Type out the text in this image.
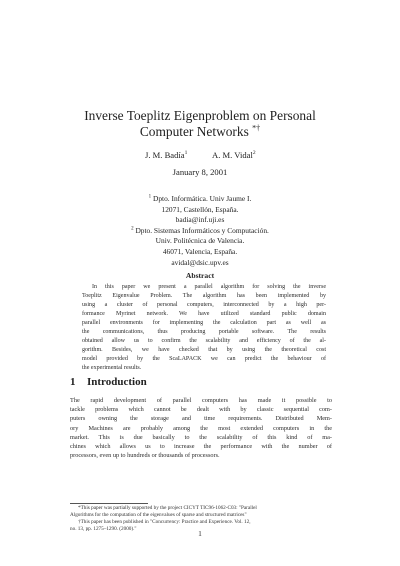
Inverse Toeplitz Eigenproblem on Personal
Computer Networks *†
J. M. Badía$^1$	A. M. Vidal$^2$
January 8, 2001
$^1$ Dpto. Informática. Univ Jaume I.
12071, Castellón, España.
badia@inf.uji.es
$^2$ Dpto. Sistemas Informáticos y Computación.
Univ. Politécnica de Valencia.
46071, Valencia, España.
avidal@dsic.upv.es
Abstract
In this paper we present a parallel algorithm for solving the inverse
Toeplitz Eigenvalue Problem. The algorithm has been implemented by
using a cluster of personal computers, interconnected by a high per-
formance Myrinet network. We have utilized standard public domain
parallel environments for implementing the calculation part as well as
the communications, thus producing portable software. The results
obtained allow us to confirm the scalability and efficiency of the al-
gorithm. Besides, we have checked that by using the theoretical cost
model provided by the ScaLAPACK we can predict the behaviour of
the experimental results.
1 Introduction
The rapid development of parallel computers has made it possible to
tackle problems which cannot be dealt with by classic sequential com-
puters owning the storage and time requirements. Distributed Mem-
ory Machines are probably among the most extended computers in the
market. This is due basically to the scalability of this kind of ma-
chines which allows us to increase the performance with the number of
processors, even up to hundreds or thousands of processors.
*This paper was partially supported by the project CICYT TIC96-1062-C03: "Parallel
Algorithms for the computation of the eigenvalues of sparse and structured matrices"
†This paper has been published in "Concurrency: Practice and Experience. Vol. 12,
no. 13, pp. 1275–1290. (2000)."	1
